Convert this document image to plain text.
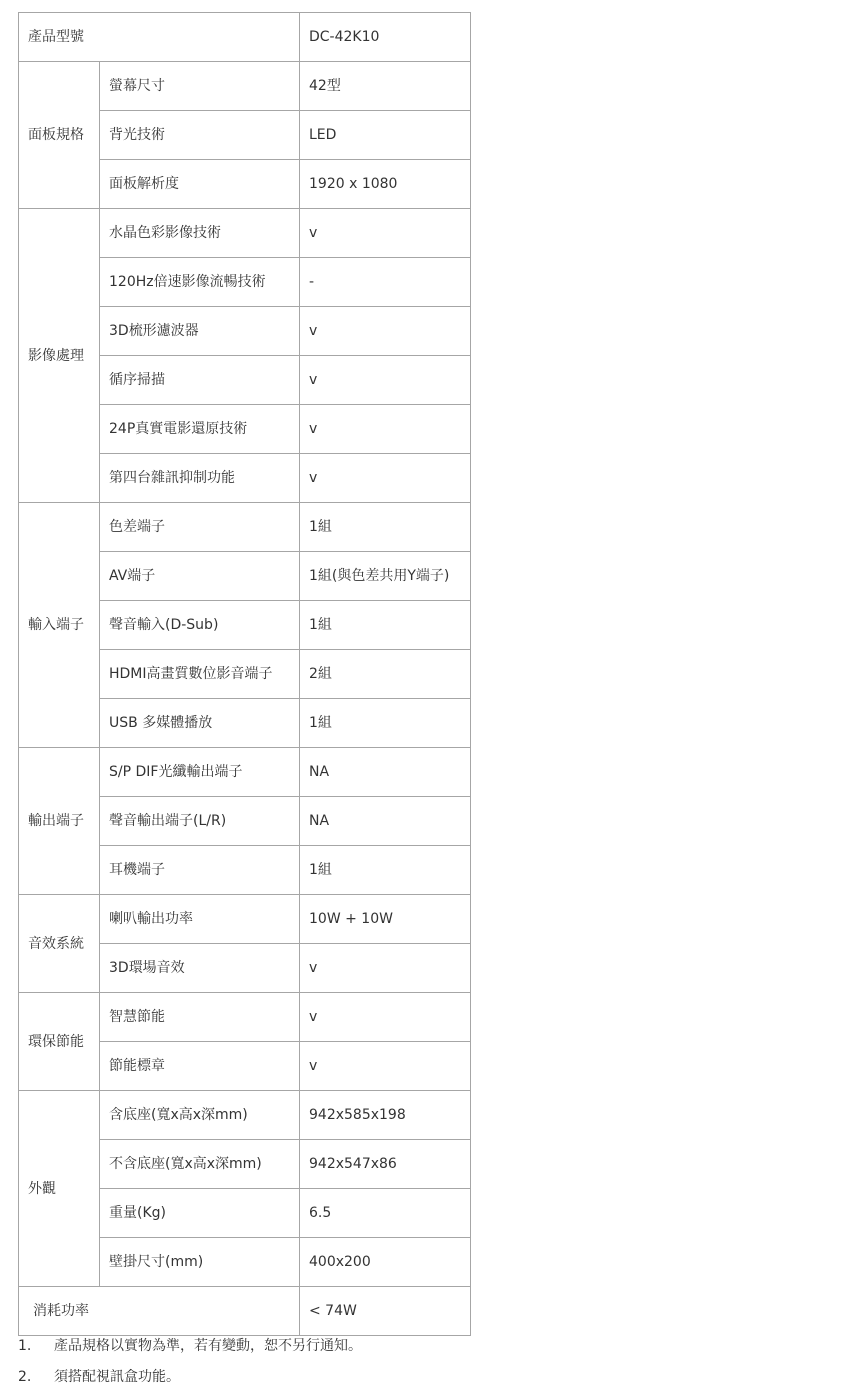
產品型號		DC-42K10
面板規格	螢幕尺寸	42型
	背光技術	LED
	面板解析度	1920 x 1080
影像處理	水晶色彩影像技術	v
	120Hz倍速影像流暢技術	-
	3D梳形濾波器	v
	循序掃描	v
	24P真實電影還原技術	v
	第四台雜訊抑制功能	v
輸入端子	色差端子	1組
	AV端子	1組(與色差共用Y端子)
	聲音輸入(D-Sub)	1組
	HDMI高畫質數位影音端子	2組
	USB 多媒體播放	1組
輸出端子	S/P DIF光纖輸出端子	NA
	聲音輸出端子(L/R)	NA
	耳機端子	1組
音效系統	喇叭輸出功率	10W + 10W
	3D環場音效	v
環保節能	智慧節能	v
	節能標章	v
外觀	含底座(寬x高x深mm)	942x585x198
	不含底座(寬x高x深mm)	942x547x86
	重量(Kg)	6.5
	壁掛尺寸(mm)	400x200
消耗功率		< 74W
1.	產品規格以實物為準，若有變動，恕不另行通知。
2.	須搭配視訊盒功能。
